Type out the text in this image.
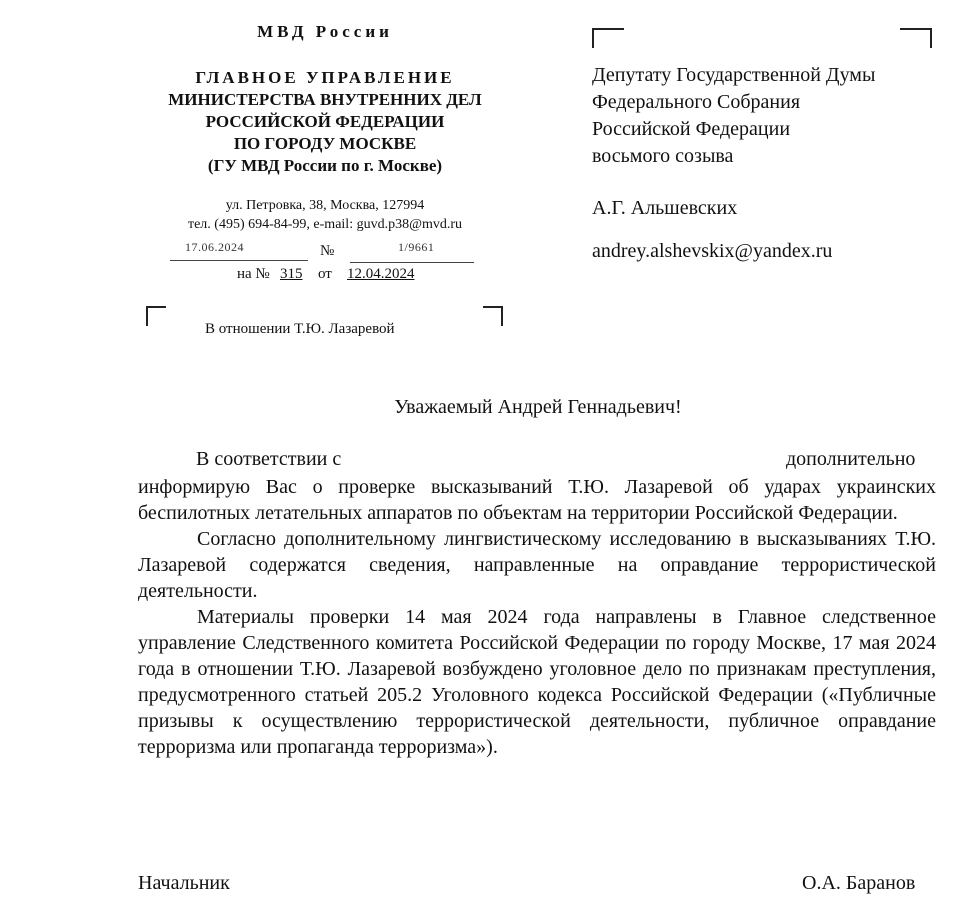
МВД России
ГЛАВНОЕ УПРАВЛЕНИЕ
МИНИСТЕРСТВА ВНУТРЕННИХ ДЕЛ
РОССИЙСКОЙ ФЕДЕРАЦИИ
ПО ГОРОДУ МОСКВЕ
(ГУ МВД России по г. Москве)
ул. Петровка, 38, Москва, 127994
тел. (495) 694-84-99, e-mail: guvd.p38@mvd.ru
17.06.2024	№	1/9661
на № 315 от 12.04.2024
В отношении Т.Ю. Лазаревой
Депутату Государственной Думы
Федерального Собрания
Российской Федерации
восьмого созыва
А.Г. Альшевских
andrey.alshevskix@yandex.ru
Уважаемый Андрей Геннадьевич!
В соответствии с	дополнительно

информирую Вас о проверке высказываний Т.Ю. Лазаревой об ударах украинских беспилотных летательных аппаратов по объектам на территории Российской Федерации.

Согласно дополнительному лингвистическому исследованию в высказываниях Т.Ю. Лазаревой содержатся сведения, направленные на оправдание террористической деятельности.

Материалы проверки 14 мая 2024 года направлены в Главное следственное управление Следственного комитета Российской Федерации по городу Москве, 17 мая 2024 года в отношении Т.Ю. Лазаревой возбуждено уголовное дело по признакам преступления, предусмотренного статьей 205.2 Уголовного кодекса Российской Федерации («Публичные призывы к осуществлению террористической деятельности, публичное оправдание терроризма или пропаганда терроризма»).

Начальник	О.А. Баранов
